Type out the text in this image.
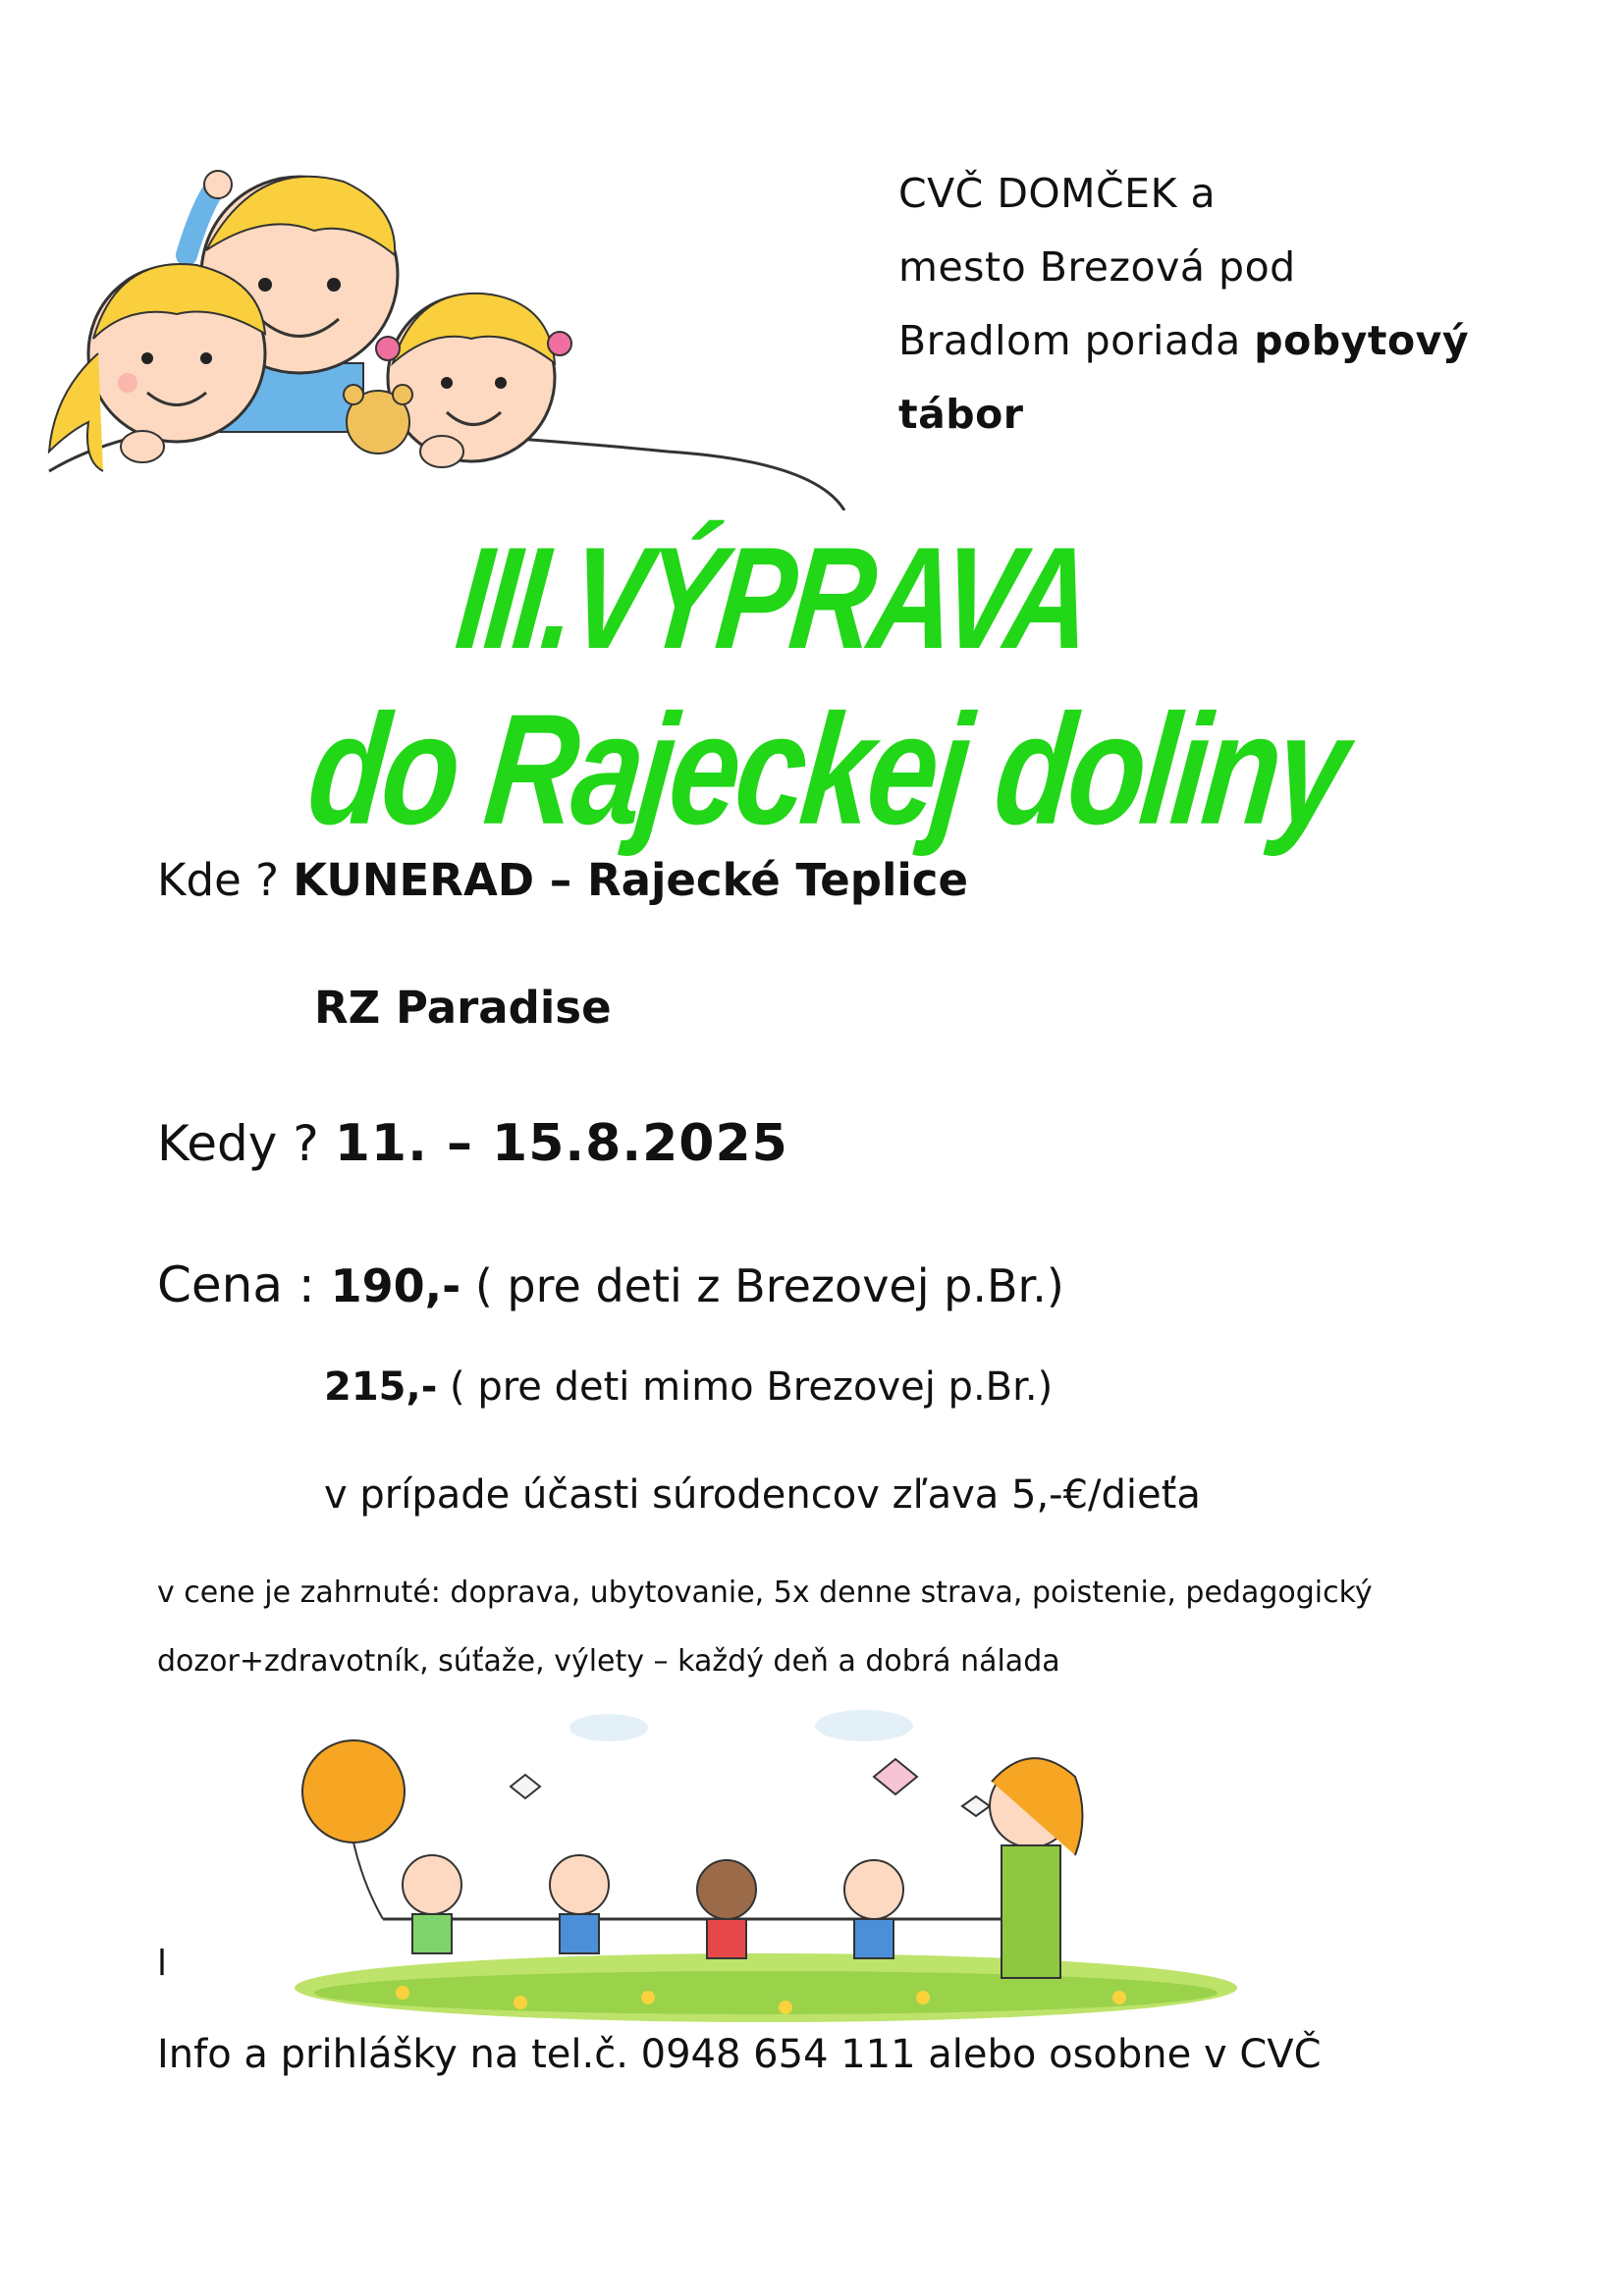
CVČ DOMČEK a
mesto Brezová pod
Bradlom poriada pobytový
tábor
III.VÝPRAVA
do Rajeckej doliny
Kde ? KUNERAD – Rajecké Teplice
RZ Paradise
Kedy ? 11. – 15.8.2025
Cena : 190,- ( pre deti z Brezovej p.Br.)
215,- ( pre deti mimo Brezovej p.Br.)
v prípade účasti súrodencov zľava 5,-€/dieťa
v cene je zahrnuté: doprava, ubytovanie, 5x denne strava, poistenie, pedagogický
dozor+zdravotník, súťaže, výlety – každý deň a dobrá nálada
l
Info a prihlášky na tel.č. 0948 654 111 alebo osobne v CVČ
